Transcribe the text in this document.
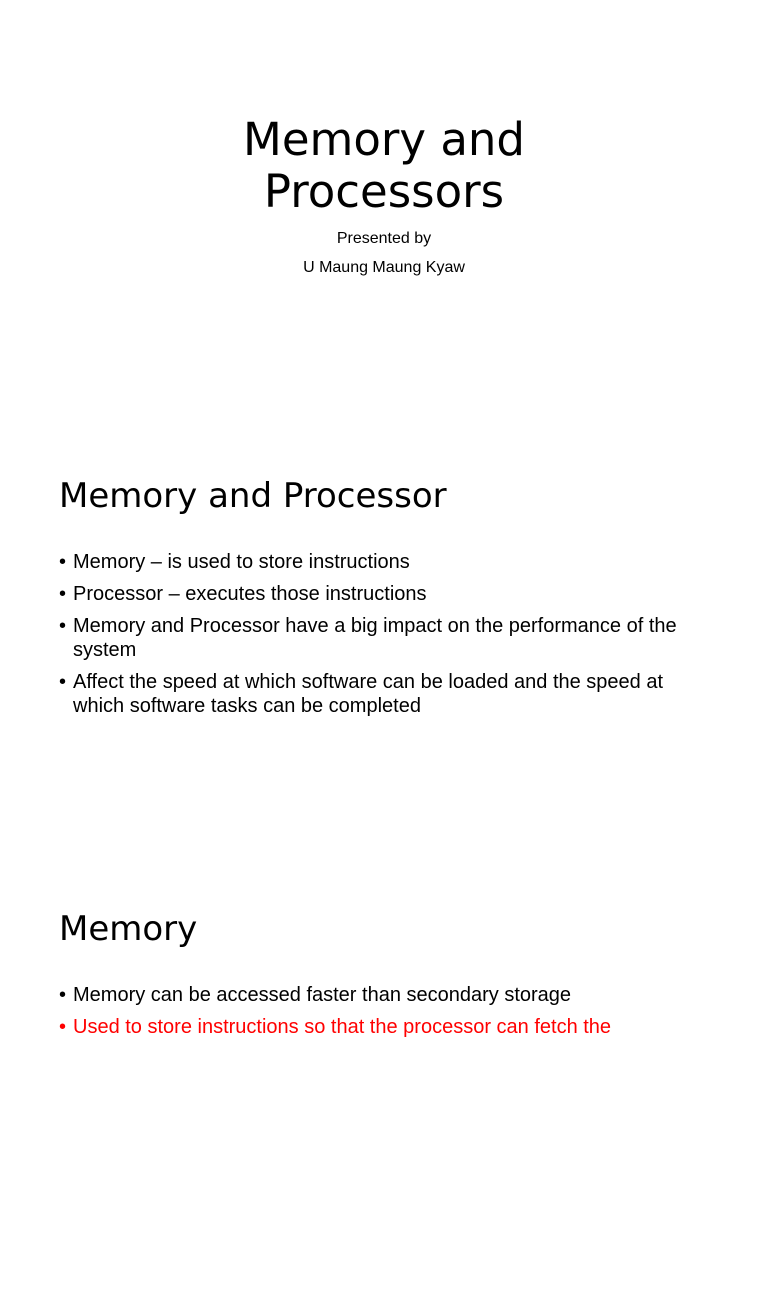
Memory and
Processors
Presented by
U Maung Maung Kyaw
Memory and Processor
• Memory – is used to store instructions
• Processor – executes those instructions
• Memory and Processor have a big impact on the performance of the system
• Affect the speed at which software can be loaded and the speed at which software tasks can be completed
Memory
• Memory can be accessed faster than secondary storage
• Used to store instructions so that the processor can fetch the
